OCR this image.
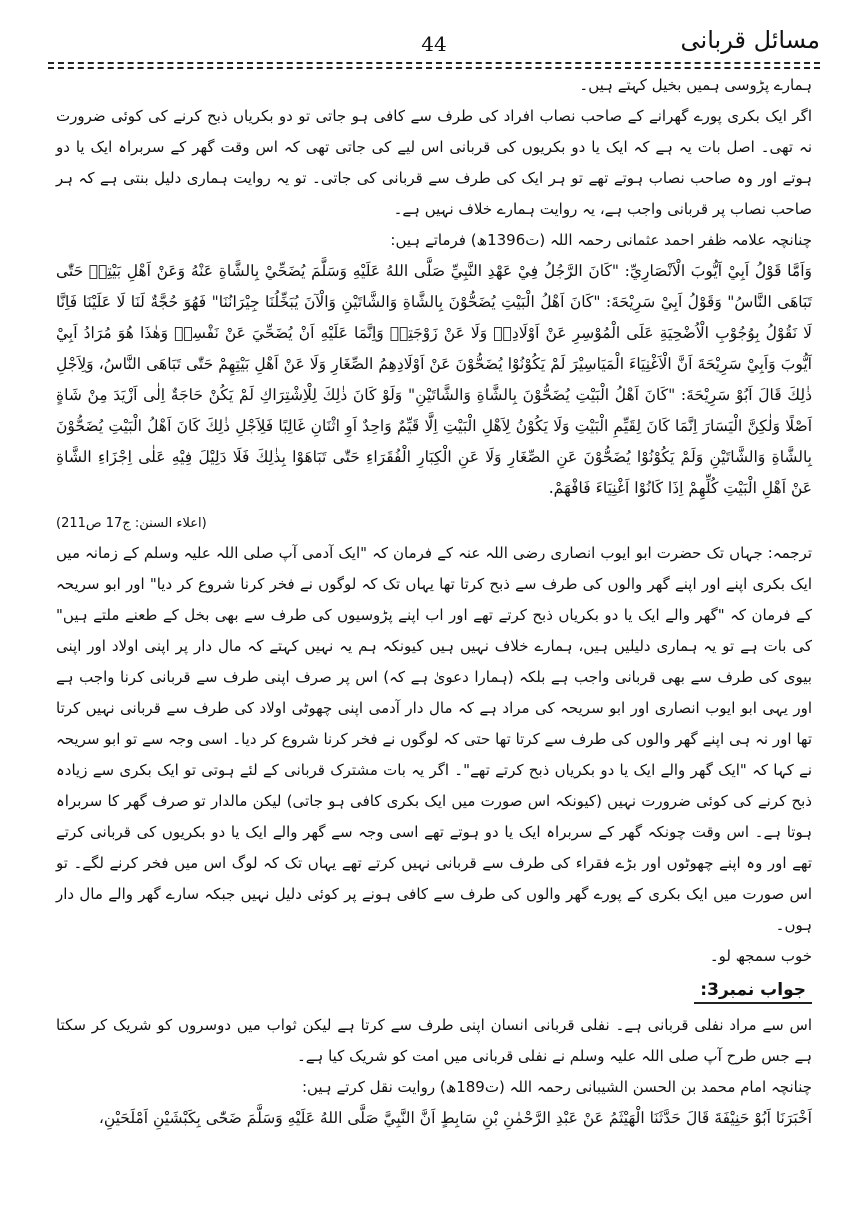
مسائل قربانی
44

ہمارے پڑوسی ہمیں بخیل کہتے ہیں۔

اگر ایک بکری پورے گھرانے کے صاحب نصاب افراد کی طرف سے کافی ہو جاتی تو دو بکریاں ذبح کرنے کی کوئی ضرورت نہ تھی۔ اصل بات یہ ہے کہ ایک یا دو بکریوں کی قربانی اس لیے کی جاتی تھی کہ اس وقت گھر کے سربراہ ایک یا دو ہوتے اور وہ صاحب نصاب ہوتے تھے تو ہر ایک کی طرف سے قربانی کی جاتی۔ تو یہ روایت ہماری دلیل بنتی ہے کہ ہر صاحب نصاب پر قربانی واجب ہے، یہ روایت ہمارے خلاف نہیں ہے۔

چنانچہ علامہ ظفر احمد عثمانی رحمہ اللہ (ت1396ھ) فرماتے ہیں:

وَاَمَّا قَوْلُ اَبِيْ اَيُّوبَ الْاَنْصَارِيِّ: "كَانَ الرَّجُلُ فِيْ عَهْدِ النَّبِيِّ صَلَّى اللهُ عَلَيْهِ وَسَلَّمَ يُضَحِّيْ بِالشَّاةِ عَنْهُ وَعَنْ اَهْلِ بَيْتِهٖ حَتّٰى تَبَاهَى النَّاسُ" وَقَوْلُ اَبِيْ سَرِيْحَةَ: "كَانَ اَهْلُ الْبَيْتِ يُضَحُّوْنَ بِالشَّاةِ وَالشَّاتَيْنِ وَالْآنَ يُبَخِّلُنَا جِيْرَانُنَا" فَهُوَ حُجَّةٌ لَنَا لَا عَلَيْنَا فَاِنَّا لَا نَقُوْلُ بِوُجُوْبِ الْاُضْحِيَةِ عَلَى الْمُوْسِرِ عَنْ اَوْلَادِهٖ وَلَا عَنْ زَوْجَتِهٖ وَاِنَّمَا عَلَيْهِ اَنْ يُضَحِّيَ عَنْ نَفْسِهٖ وَهٰذَا هُوَ مُرَادُ اَبِيْ اَيُّوبَ وَاَبِيْ سَرِيْحَةَ اَنَّ الْاَغْنِيَاءَ الْمَيَاسِيْرَ لَمْ يَكُوْنُوْا يُضَحُّوْنَ عَنْ اَوْلَادِهِمُ الصِّغَارِ وَلَا عَنْ اَهْلِ بَيْتِهِمْ حَتّٰى تَبَاهَى النَّاسُ، وَلِاَجْلِ ذٰلِكَ قَالَ اَبُوْ سَرِيْحَةَ: "كَانَ اَهْلُ الْبَيْتِ يُضَحُّوْنَ بِالشَّاةِ وَالشَّاتَيْنِ" وَلَوْ كَانَ ذٰلِكَ لِلْاِشْتِرَاكِ لَمْ يَكُنْ حَاجَةٌ اِلٰى اَزْيَدَ مِنْ شَاةٍ اَصْلًا وَلٰكِنَّ الْيَسَارَ اِنَّمَا كَانَ لِقَيِّمِ الْبَيْتِ وَلَا يَكُوْنُ لِاَهْلِ الْبَيْتِ اِلَّا قَيِّمٌ وَاحِدٌ اَوِ اثْنَانِ غَالِبًا فَلِاَجْلِ ذٰلِكَ كَانَ اَهْلُ الْبَيْتِ يُضَحُّوْنَ بِالشَّاةِ وَالشَّاتَيْنِ وَلَمْ يَكُوْنُوْا يُضَحُّوْنَ عَنِ الصِّغَارِ وَلَا عَنِ الْكِبَارِ الْفُقَرَاءِ حَتّٰى تَبَاهَوْا بِذٰلِكَ فَلَا دَلِيْلَ فِيْهِ عَلٰى اِجْزَاءِ الشَّاةِ عَنْ اَهْلِ الْبَيْتِ كُلِّهِمْ اِذَا كَانُوْا اَغْنِيَاءَ فَافْهَمْ.

(اعلاء السنن: ج17 ص211)

ترجمہ: جہاں تک حضرت ابو ایوب انصاری رضی اللہ عنہ کے فرمان کہ "ایک آدمی آپ صلی اللہ علیہ وسلم کے زمانہ میں ایک بکری اپنے اور اپنے گھر والوں کی طرف سے ذبح کرتا تھا یہاں تک کہ لوگوں نے فخر کرنا شروع کر دیا" اور ابو سریحہ کے فرمان کہ "گھر والے ایک یا دو بکریاں ذبح کرتے تھے اور اب اپنے پڑوسیوں کی طرف سے بھی بخل کے طعنے ملتے ہیں" کی بات ہے تو یہ ہماری دلیلیں ہیں، ہمارے خلاف نہیں ہیں کیونکہ ہم یہ نہیں کہتے کہ مال دار پر اپنی اولاد اور اپنی بیوی کی طرف سے بھی قربانی واجب ہے بلکہ (ہمارا دعویٰ ہے کہ) اس پر صرف اپنی طرف سے قربانی کرنا واجب ہے اور یہی ابو ایوب انصاری اور ابو سریحہ کی مراد ہے کہ مال دار آدمی اپنی چھوٹی اولاد کی طرف سے قربانی نہیں کرتا تھا اور نہ ہی اپنے گھر والوں کی طرف سے کرتا تھا حتی کہ لوگوں نے فخر کرنا شروع کر دیا۔ اسی وجہ سے تو ابو سریحہ نے کہا کہ "ایک گھر والے ایک یا دو بکریاں ذبح کرتے تھے"۔ اگر یہ بات مشترک قربانی کے لئے ہوتی تو ایک بکری سے زیادہ ذبح کرنے کی کوئی ضرورت نہیں (کیونکہ اس صورت میں ایک بکری کافی ہو جاتی) لیکن مالدار تو صرف گھر کا سربراہ ہوتا ہے۔ اس وقت چونکہ گھر کے سربراہ ایک یا دو ہوتے تھے اسی وجہ سے گھر والے ایک یا دو بکریوں کی قربانی کرتے تھے اور وہ اپنے چھوٹوں اور بڑے فقراء کی طرف سے قربانی نہیں کرتے تھے یہاں تک کہ لوگ اس میں فخر کرنے لگے۔ تو اس صورت میں ایک بکری کے پورے گھر والوں کی طرف سے کافی ہونے پر کوئی دلیل نہیں جبکہ سارے گھر والے مال دار ہوں۔

خوب سمجھ لو۔

جواب نمبر3:

اس سے مراد نفلی قربانی ہے۔ نفلی قربانی انسان اپنی طرف سے کرتا ہے لیکن ثواب میں دوسروں کو شریک کر سکتا ہے جس طرح آپ صلی اللہ علیہ وسلم نے نفلی قربانی میں امت کو شریک کیا ہے۔

چنانچہ امام محمد بن الحسن الشیبانی رحمہ اللہ (ت189ھ) روایت نقل کرتے ہیں:

اَخْبَرَنَا اَبُوْ حَنِيْفَةَ قَالَ حَدَّثَنَا الْهَيْثَمُ عَنْ عَبْدِ الرَّحْمٰنِ بْنِ سَابِطٍ اَنَّ النَّبِيَّ صَلَّى اللهُ عَلَيْهِ وَسَلَّمَ ضَحّٰى بِكَبْشَيْنِ اَمْلَحَيْنِ،
